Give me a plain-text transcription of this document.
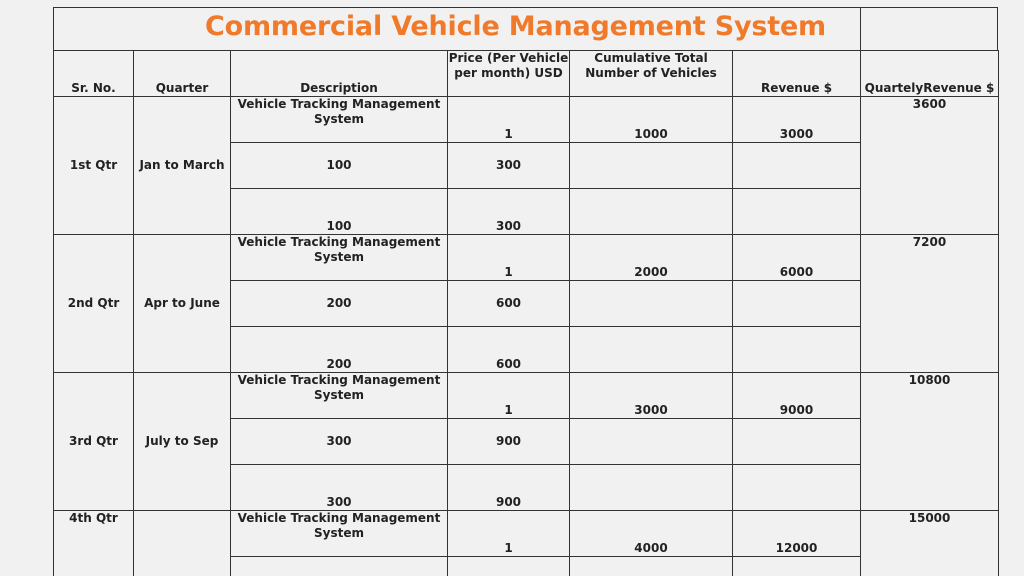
Commercial Vehicle Management System
Sr. No.	Quarter	Description	Price (Per Vehicle per month) USD	Cumulative Total Number of Vehicles	Revenue $	QuartelyRevenue $
1st Qtr	Jan to March	Vehicle Tracking Management System	1	1000	3000	3600
		100	300			
		100	300			
2nd Qtr	Apr to June	Vehicle Tracking Management System	1	2000	6000	7200
		200	600			
		200	600			
3rd Qtr	July to Sep	Vehicle Tracking Management System	1	3000	9000	10800
		300	900			
		300	900			
4th Qtr		Vehicle Tracking Management System	1	4000	12000	15000
